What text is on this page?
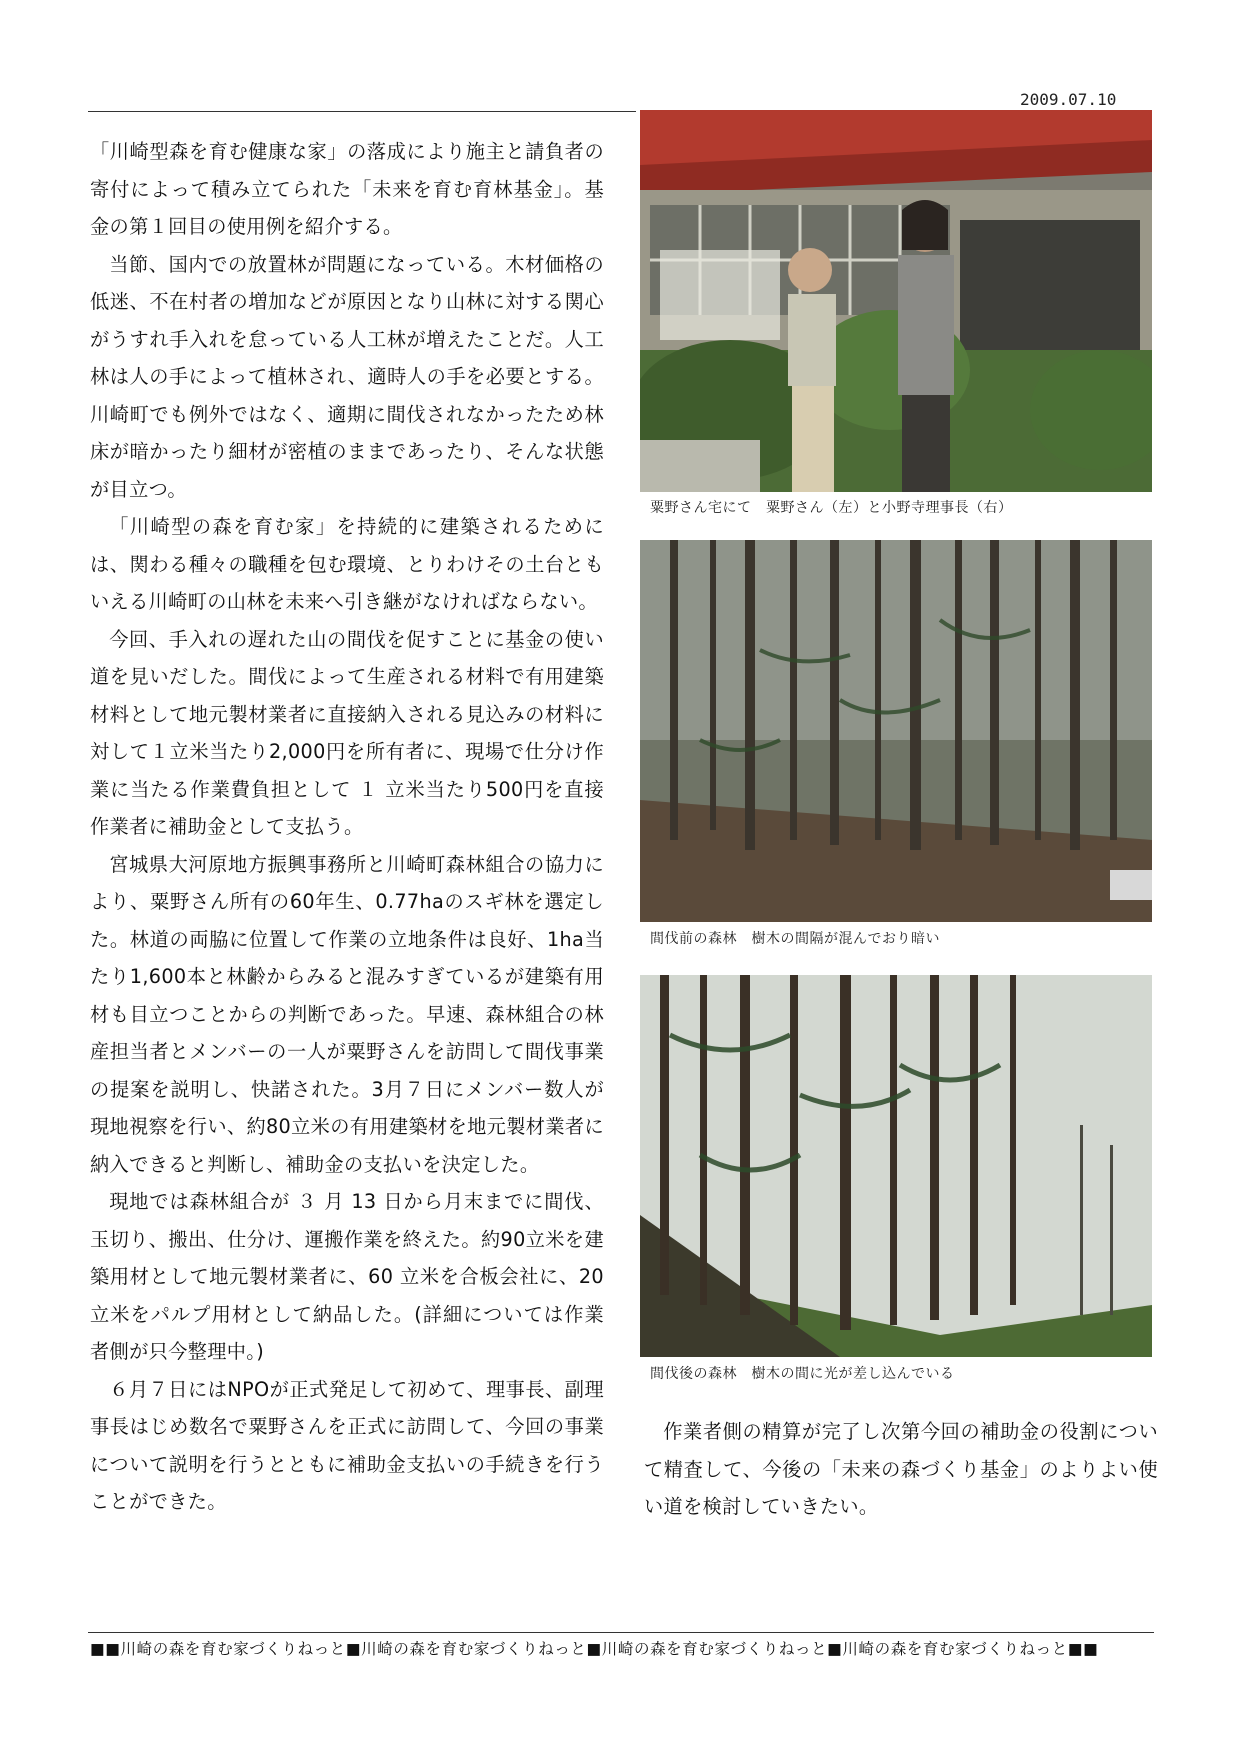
2009.07.10

「川崎型森を育む健康な家」の落成により施主と請負者の寄付によって積み立てられた「未来を育む育林基金」。基金の第１回目の使用例を紹介する。

当節、国内での放置林が問題になっている。木材価格の低迷、不在村者の増加などが原因となり山林に対する関心がうすれ手入れを怠っている人工林が増えたことだ。人工林は人の手によって植林され、適時人の手を必要とする。川崎町でも例外ではなく、適期に間伐されなかったため林床が暗かったり細材が密植のままであったり、そんな状態が目立つ。

「川崎型の森を育む家」を持続的に建築されるためには、関わる種々の職種を包む環境、とりわけその土台ともいえる川崎町の山林を未来へ引き継がなければならない。

今回、手入れの遅れた山の間伐を促すことに基金の使い道を見いだした。間伐によって生産される材料で有用建築材料として地元製材業者に直接納入される見込みの材料に対して１立米当たり2,000円を所有者に、現場で仕分け作業に当たる作業費負担として １ 立米当たり500円を直接作業者に補助金として支払う。

宮城県大河原地方振興事務所と川崎町森林組合の協力により、粟野さん所有の60年生、0.77haのスギ林を選定した。林道の両脇に位置して作業の立地条件は良好、1ha当たり1,600本と林齢からみると混みすぎているが建築有用材も目立つことからの判断であった。早速、森林組合の林産担当者とメンバーの一人が粟野さんを訪問して間伐事業の提案を説明し、快諾された。3月７日にメンバー数人が現地視察を行い、約80立米の有用建築材を地元製材業者に納入できると判断し、補助金の支払いを決定した。

現地では森林組合が ３ 月 13 日から月末までに間伐、玉切り、搬出、仕分け、運搬作業を終えた。約90立米を建築用材として地元製材業者に、60 立米を合板会社に、20立米をパルプ用材として納品した。(詳細については作業者側が只今整理中。)

６月７日にはNPOが正式発足して初めて、理事長、副理事長はじめ数名で粟野さんを正式に訪問して、今回の事業について説明を行うとともに補助金支払いの手続きを行うことができた。

粟野さん宅にて　粟野さん（左）と小野寺理事長（右）
間伐前の森林　樹木の間隔が混んでおり暗い
間伐後の森林　樹木の間に光が差し込んでいる

作業者側の精算が完了し次第今回の補助金の役割について精査して、今後の「未来の森づくり基金」のよりよい使い道を検討していきたい。

■■川崎の森を育む家づくりねっと■川崎の森を育む家づくりねっと■川崎の森を育む家づくりねっと■川崎の森を育む家づくりねっと■■
